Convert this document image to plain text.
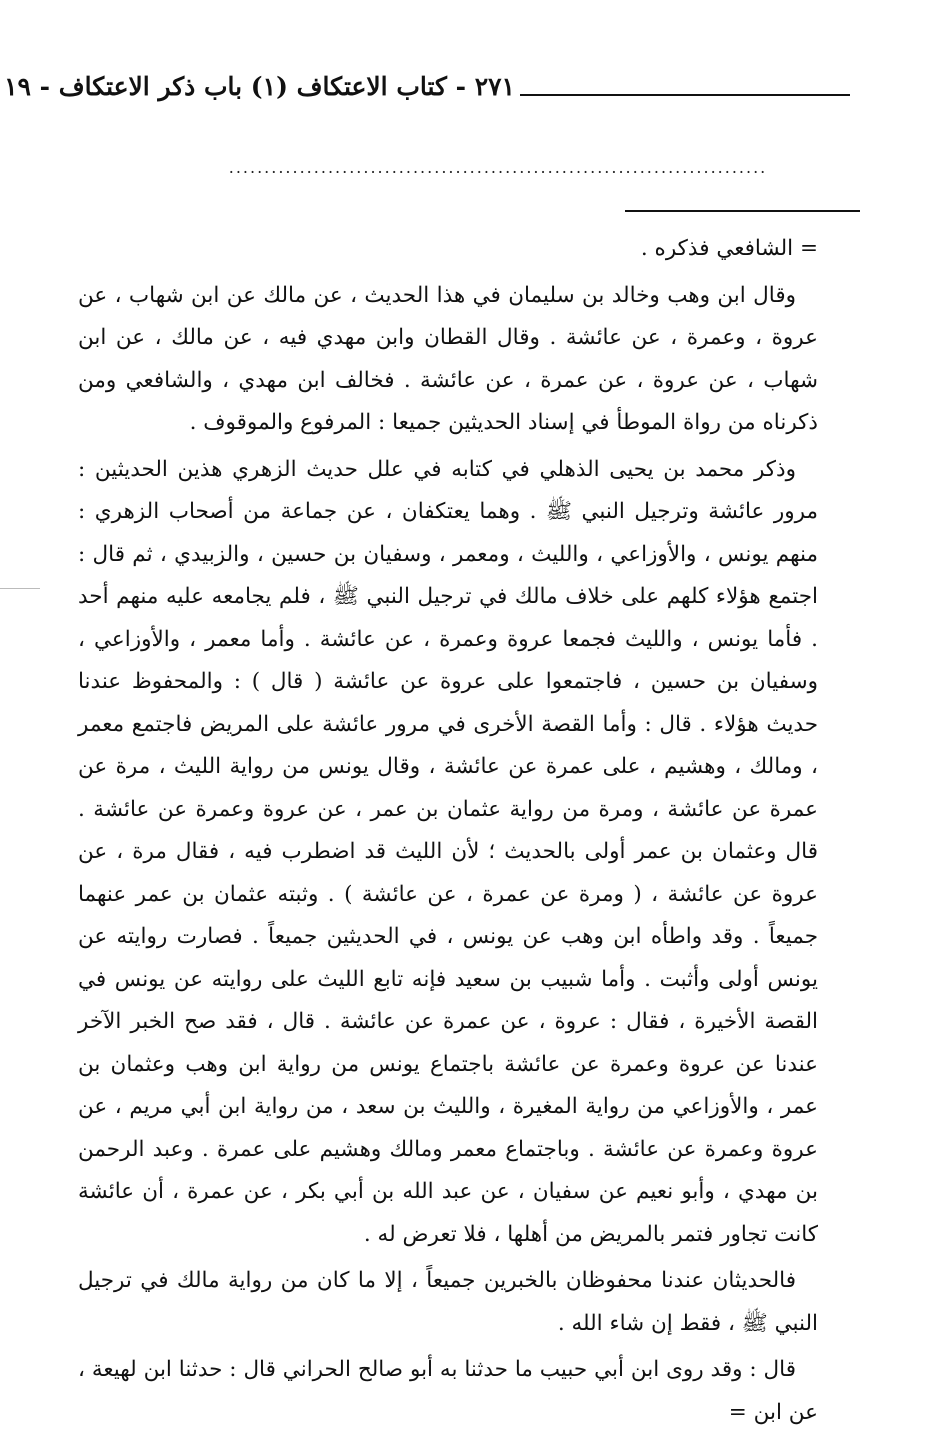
٢٧١ - كتاب الاعتكاف (١) باب ذكر الاعتكاف - ١٩
............................................................................

= الشافعي فذكره .

وقال ابن وهب وخالد بن سليمان في هذا الحديث ، عن مالك عن ابن شهاب ، عن عروة ، وعمرة ، عن عائشة . وقال القطان وابن مهدي فيه ، عن مالك ، عن ابن شهاب ، عن عروة ، عن عمرة ، عن عائشة . فخالف ابن مهدي ، والشافعي ومن ذكرناه من رواة الموطأ في إسناد الحديثين جميعا : المرفوع والموقوف .

وذكر محمد بن يحيى الذهلي في كتابه في علل حديث الزهري هذين الحديثين : مرور عائشة وترجيل النبي ﷺ . وهما يعتكفان ، عن جماعة من أصحاب الزهري : منهم يونس ، والأوزاعي ، والليث ، ومعمر ، وسفيان بن حسين ، والزبيدي ، ثم قال : اجتمع هؤلاء كلهم على خلاف مالك في ترجيل النبي ﷺ ، فلم يجامعه عليه منهم أحد . فأما يونس ، والليث فجمعا عروة وعمرة ، عن عائشة . وأما معمر ، والأوزاعي ، وسفيان بن حسين ، فاجتمعوا على عروة عن عائشة ( قال ) : والمحفوظ عندنا حديث هؤلاء . قال : وأما القصة الأخرى في مرور عائشة على المريض فاجتمع معمر ، ومالك ، وهشيم ، على عمرة عن عائشة ، وقال يونس من رواية الليث ، مرة عن عمرة عن عائشة ، ومرة من رواية عثمان بن عمر ، عن عروة وعمرة عن عائشة . قال وعثمان بن عمر أولى بالحديث ؛ لأن الليث قد اضطرب فيه ، فقال مرة ، عن عروة عن عائشة ، ( ومرة عن عمرة ، عن عائشة ) . وثبته عثمان بن عمر عنهما جميعاً . وقد واطأه ابن وهب عن يونس ، في الحديثين جميعاً . فصارت روايته عن يونس أولى وأثبت . وأما شبيب بن سعيد فإنه تابع الليث على روايته عن يونس في القصة الأخيرة ، فقال : عروة ، عن عمرة عن عائشة . قال ، فقد صح الخبر الآخر عندنا عن عروة وعمرة عن عائشة باجتماع يونس من رواية ابن وهب وعثمان بن عمر ، والأوزاعي من رواية المغيرة ، والليث بن سعد ، من رواية ابن أبي مريم ، عن عروة وعمرة عن عائشة . وباجتماع معمر ومالك وهشيم على عمرة . وعبد الرحمن بن مهدي ، وأبو نعيم عن سفيان ، عن عبد الله بن أبي بكر ، عن عمرة ، أن عائشة كانت تجاور فتمر بالمريض من أهلها ، فلا تعرض له .

فالحديثان عندنا محفوظان بالخبرين جميعاً ، إلا ما كان من رواية مالك في ترجيل النبي ﷺ ، فقط إن شاء الله .

قال : وقد روى ابن أبي حبيب ما حدثنا به أبو صالح الحراني قال : حدثنا ابن لهيعة ، عن ابن =
